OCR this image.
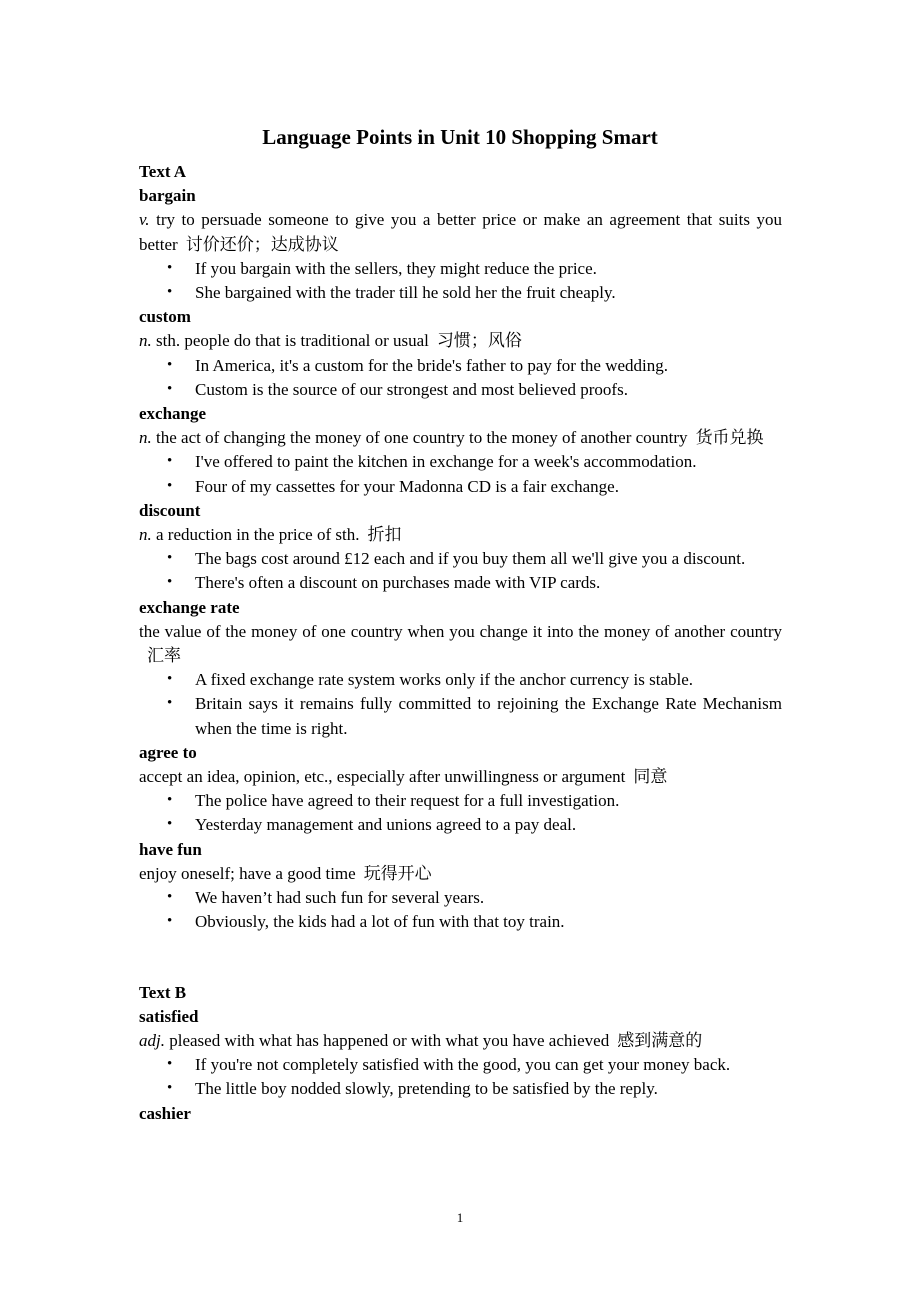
Language Points in Unit 10 Shopping Smart
Text A
bargain
v. try to persuade someone to give you a better price or make an agreement that suits you better 讨价还价；达成协议
• If you bargain with the sellers, they might reduce the price.
• She bargained with the trader till he sold her the fruit cheaply.
custom
n. sth. people do that is traditional or usual 习惯；风俗
• In America, it's a custom for the bride's father to pay for the wedding.
• Custom is the source of our strongest and most believed proofs.
exchange
n. the act of changing the money of one country to the money of another country 货币兑换
• I've offered to paint the kitchen in exchange for a week's accommodation.
• Four of my cassettes for your Madonna CD is a fair exchange.
discount
n. a reduction in the price of sth. 折扣
• The bags cost around £12 each and if you buy them all we'll give you a discount.
• There's often a discount on purchases made with VIP cards.
exchange rate
the value of the money of one country when you change it into the money of another country汇率
• A fixed exchange rate system works only if the anchor currency is stable.
• Britain says it remains fully committed to rejoining the Exchange Rate Mechanism when the time is right.
agree to
accept an idea, opinion, etc., especially after unwillingness or argument 同意
• The police have agreed to their request for a full investigation.
• Yesterday management and unions agreed to a pay deal.
have fun
enjoy oneself; have a good time 玩得开心
• We haven’t had such fun for several years.
• Obviously, the kids had a lot of fun with that toy train.
Text B
satisfied
adj. pleased with what has happened or with what you have achieved 感到满意的
• If you're not completely satisfied with the good, you can get your money back.
• The little boy nodded slowly, pretending to be satisfied by the reply.
cashier
1
